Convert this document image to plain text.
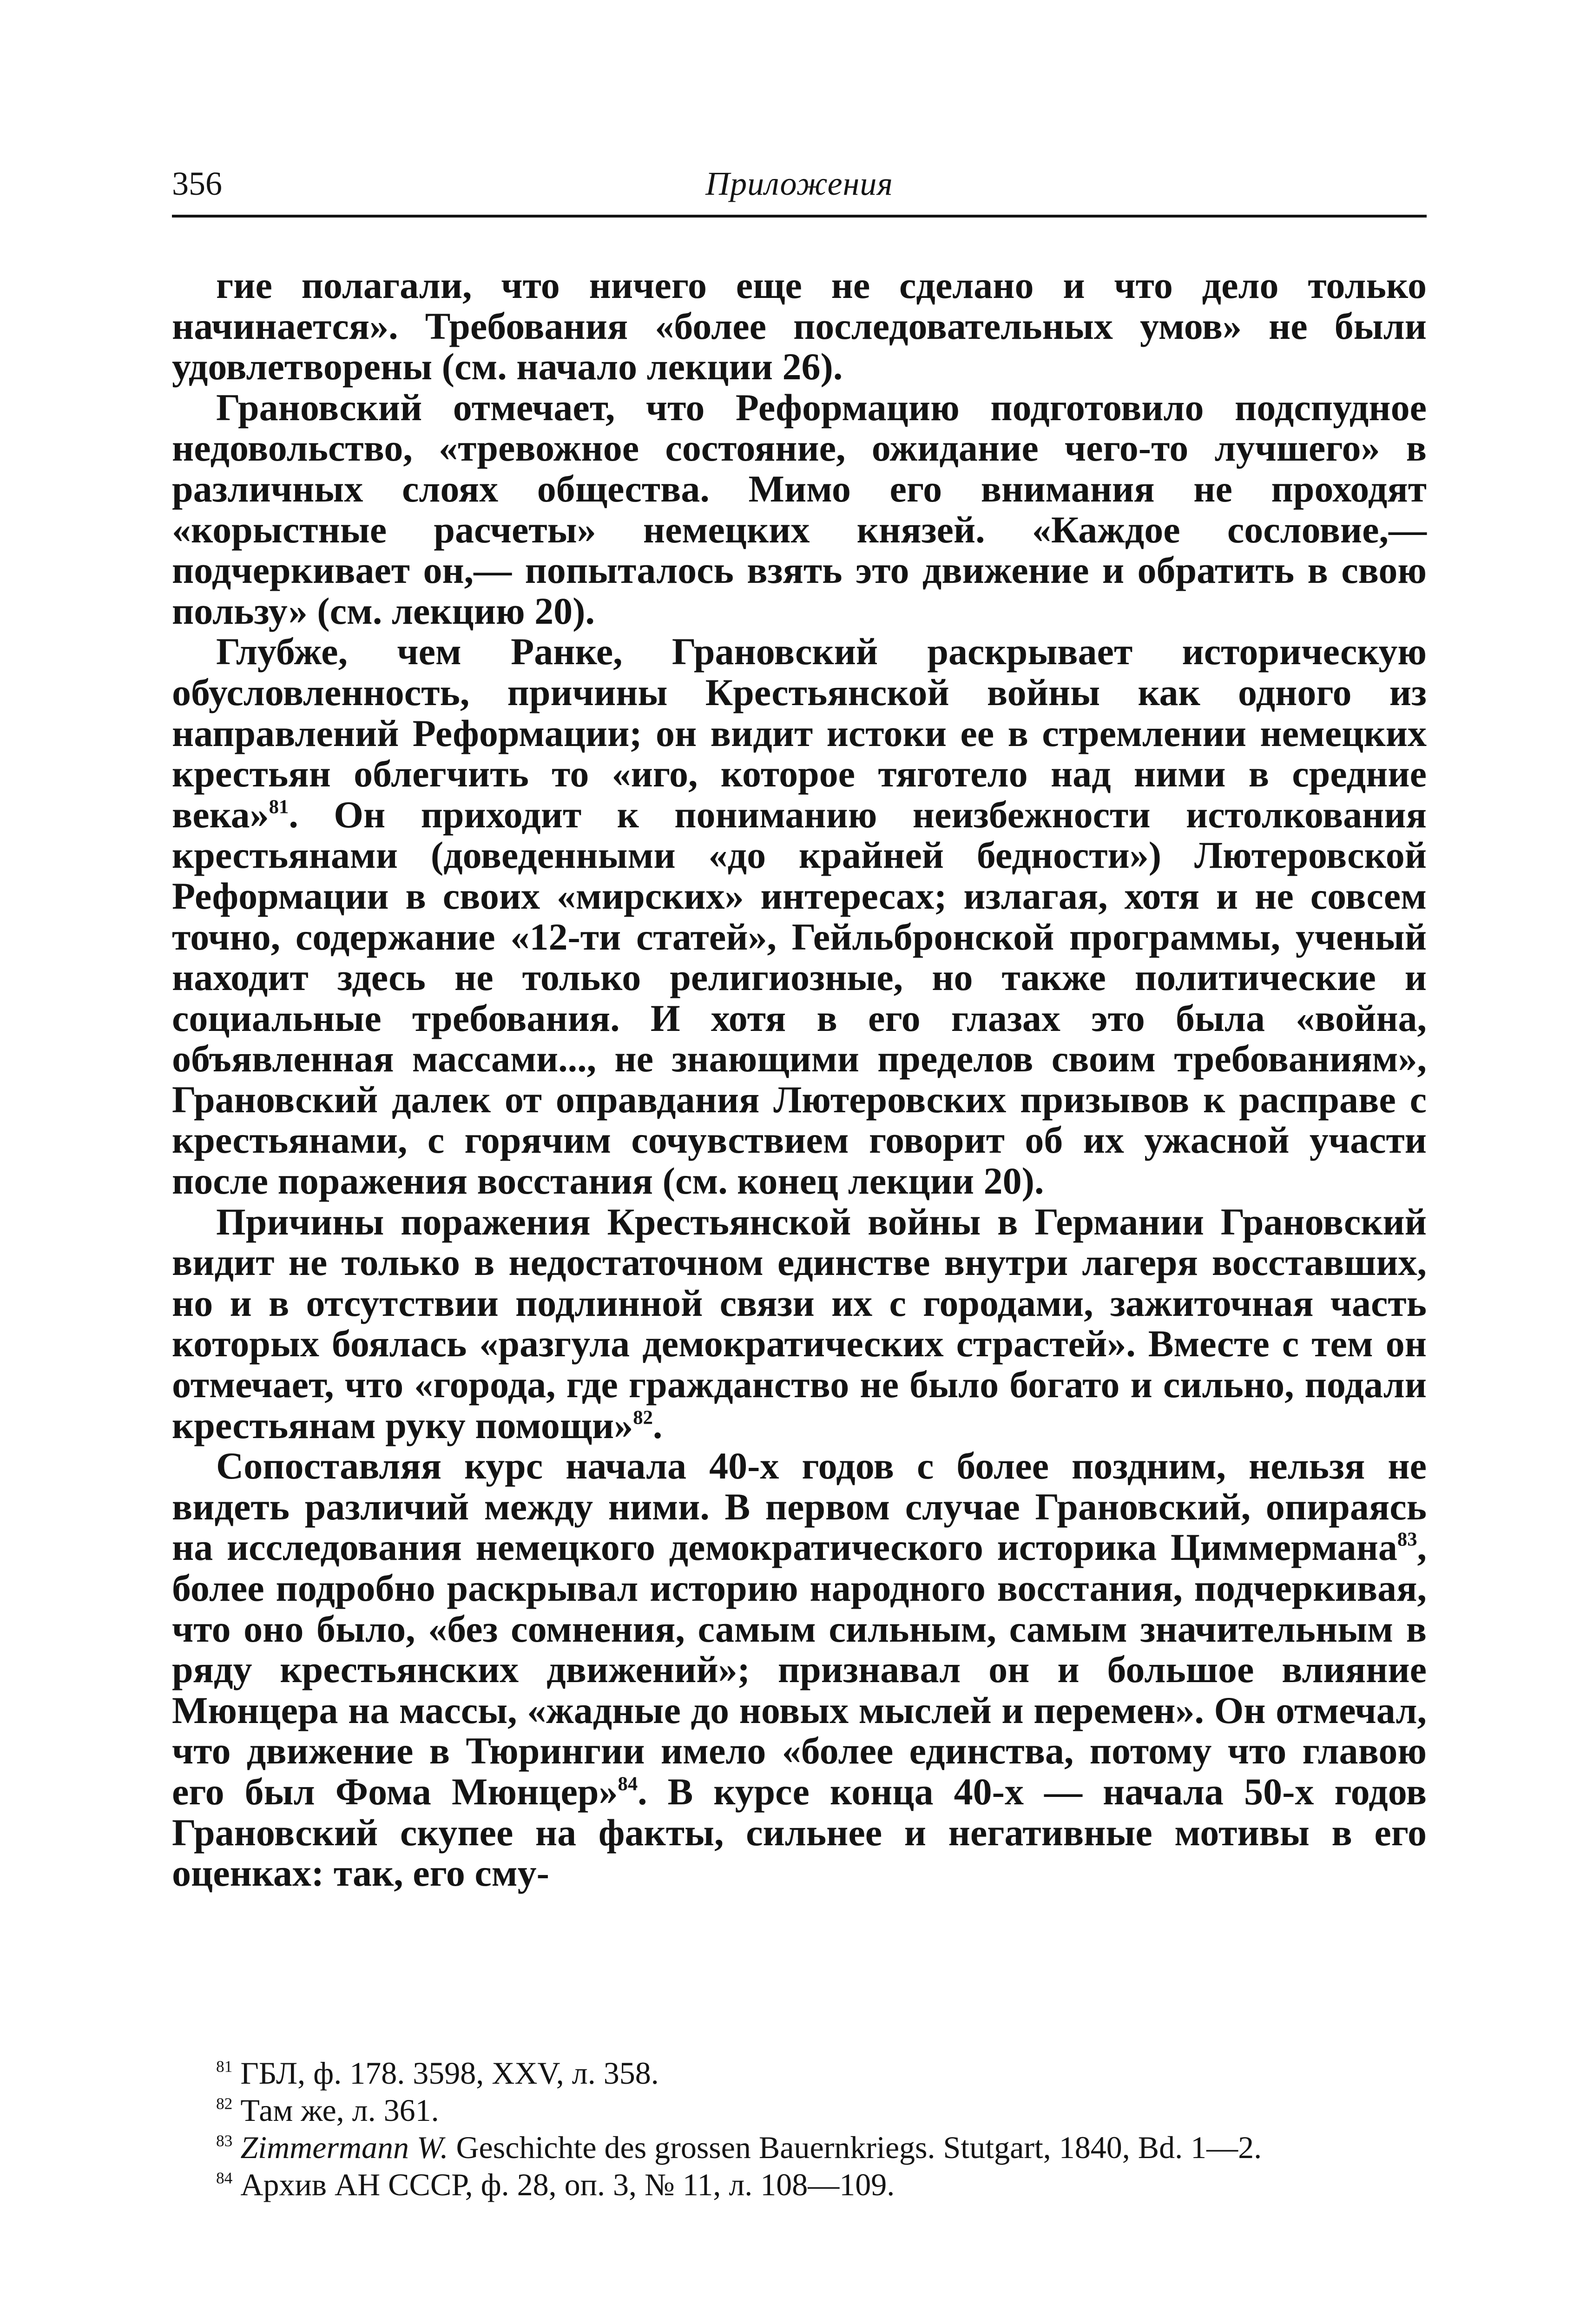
356	Приложения

гие полагали, что ничего еще не сделано и что дело только начинается». Требования «более последовательных умов» не были удовлетворены (см. начало лекции 26).

Грановский отмечает, что Реформацию подготовило подспудное недовольство, «тревожное состояние, ожидание чего-то лучшего» в различных слоях общества. Мимо его внимания не проходят «корыстные расчеты» немецких князей. «Каждое сословие,— подчеркивает он,— попыталось взять это движение и обратить в свою пользу» (см. лекцию 20).

Глубже, чем Ранке, Грановский раскрывает историческую обусловленность, причины Крестьянской войны как одного из направлений Реформации; он видит истоки ее в стремлении немецких крестьян облегчить то «иго, которое тяготело над ними в средние века»$^{81}$. Он приходит к пониманию неизбежности истолкования крестьянами (доведенными «до крайней бедности») Лютеровской Реформации в своих «мирских» интересах; излагая, хотя и не совсем точно, содержание «12-ти статей», Гейльбронской программы, ученый находит здесь не только религиозные, но также политические и социальные требования. И хотя в его глазах это была «война, объявленная массами..., не знающими пределов своим требованиям», Грановский далек от оправдания Лютеровских призывов к расправе с крестьянами, с горячим сочувствием говорит об их ужасной участи после поражения восстания (см. конец лекции 20).

Причины поражения Крестьянской войны в Германии Грановский видит не только в недостаточном единстве внутри лагеря восставших, но и в отсутствии подлинной связи их с городами, зажиточная часть которых боялась «разгула демократических страстей». Вместе с тем он отмечает, что «города, где гражданство не было богато и сильно, подали крестьянам руку помощи»$^{82}$.

Сопоставляя курс начала 40-х годов с более поздним, нельзя не видеть различий между ними. В первом случае Грановский, опираясь на исследования немецкого демократического историка Циммермана$^{83}$, более подробно раскрывал историю народного восстания, подчеркивая, что оно было, «без сомнения, самым сильным, самым значительным в ряду крестьянских движений»; признавал он и большое влияние Мюнцера на массы, «жадные до новых мыслей и перемен». Он отмечал, что движение в Тюрингии имело «более единства, потому что главою его был Фома Мюнцер»$^{84}$. В курсе конца 40-х — начала 50-х годов Грановский скупее на факты, сильнее и негативные мотивы в его оценках: так, его сму-

$^{81}$ ГБЛ, ф. 178. 3598, XXV, л. 358.

$^{82}$ Там же, л. 361.

$^{83}$ Zimmermann W. Geschichte des grossen Bauernkriegs. Stutgart, 1840, Bd. 1—2.

$^{84}$ Архив АН СССР, ф. 28, оп. 3, № 11, л. 108—109.
